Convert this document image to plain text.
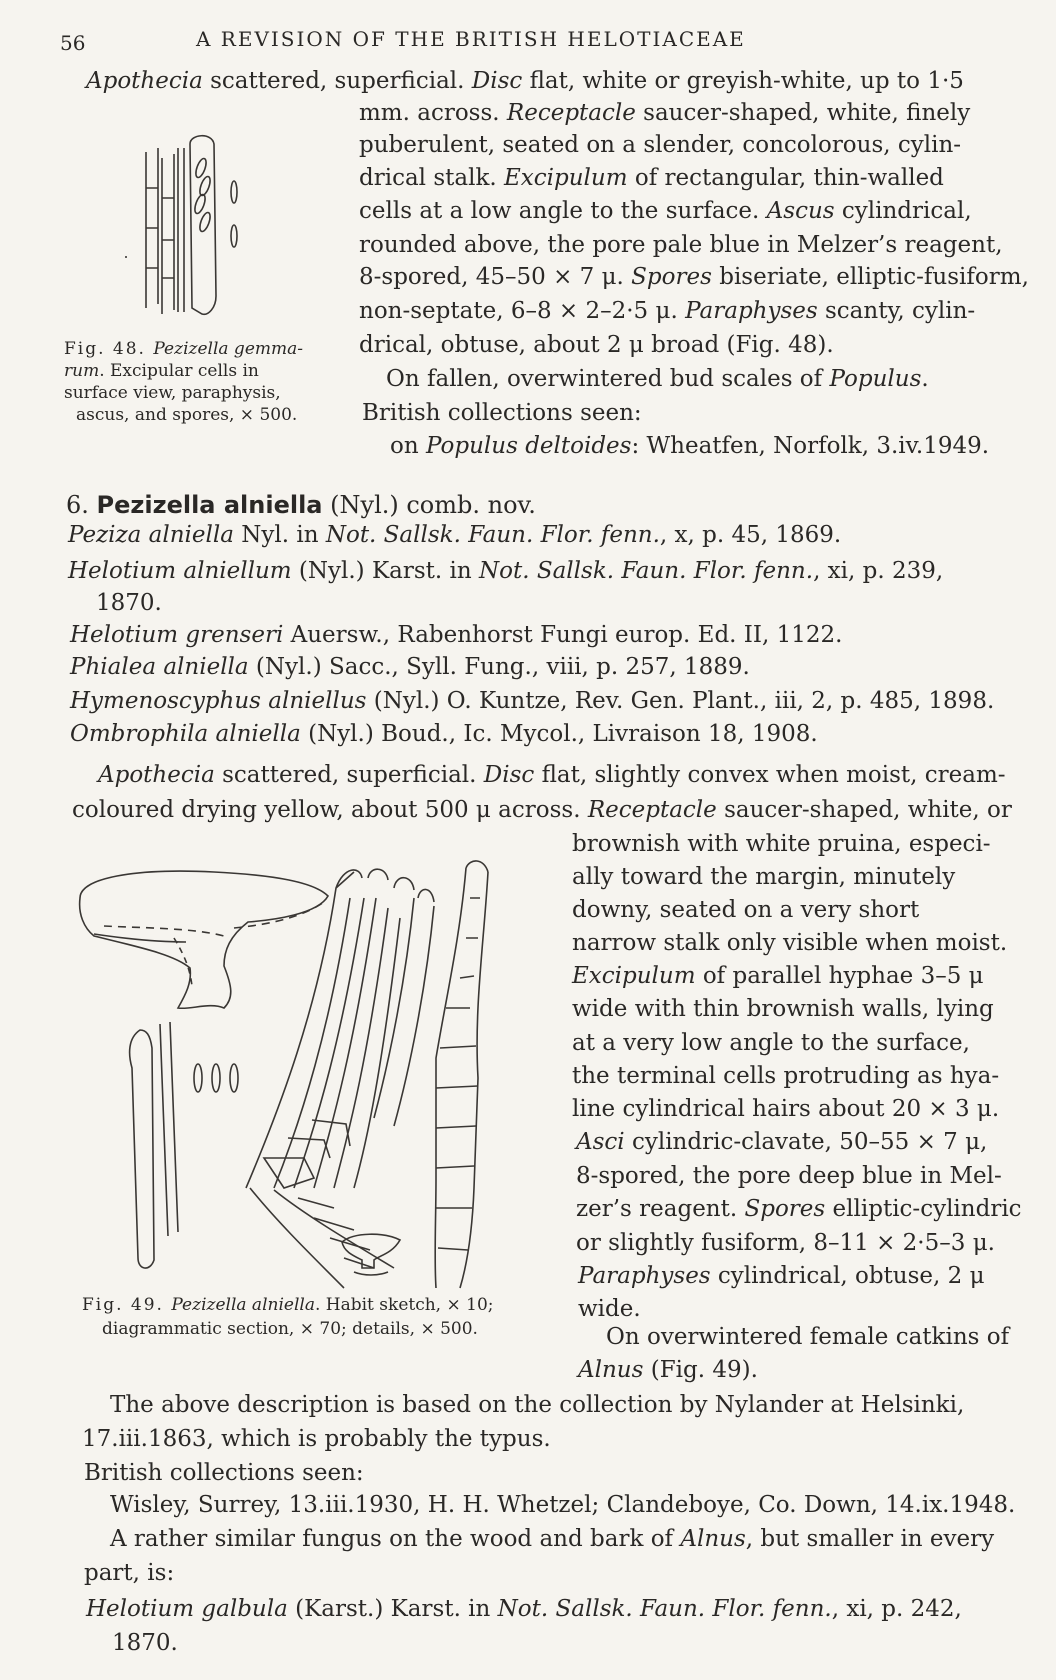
56	A REVISION OF THE BRITISH HELOTIACEAE
Apothecia scattered, superficial. Disc flat, white or greyish-white, up to 1·5
mm. across. Receptacle saucer-shaped, white, finely
puberulent, seated on a slender, concolorous, cylin-
drical stalk. Excipulum of rectangular, thin-walled
cells at a low angle to the surface. Ascus cylindrical,
rounded above, the pore pale blue in Melzer’s reagent,
8-spored, 45–50 × 7 μ. Spores biseriate, elliptic-fusiform,
non-septate, 6–8 × 2–2·5 μ. Paraphyses scanty, cylin-
drical, obtuse, about 2 μ broad (Fig. 48).
On fallen, overwintered bud scales of Populus.
British collections seen:
on Populus deltoides: Wheatfen, Norfolk, 3.iv.1949.
Fig. 48. Pezizella gemma-
rum. Excipular cells in
surface view, paraphysis,
ascus, and spores, × 500.
6. Pezizella alniella (Nyl.) comb. nov.
Peziza alniella Nyl. in Not. Sallsk. Faun. Flor. fenn., x, p. 45, 1869.
Helotium alniellum (Nyl.) Karst. in Not. Sallsk. Faun. Flor. fenn., xi, p. 239,
1870.
Helotium grenseri Auersw., Rabenhorst Fungi europ. Ed. II, 1122.
Phialea alniella (Nyl.) Sacc., Syll. Fung., viii, p. 257, 1889.
Hymenoscyphus alniellus (Nyl.) O. Kuntze, Rev. Gen. Plant., iii, 2, p. 485, 1898.
Ombrophila alniella (Nyl.) Boud., Ic. Mycol., Livraison 18, 1908.
Apothecia scattered, superficial. Disc flat, slightly convex when moist, cream-
coloured drying yellow, about 500 μ across. Receptacle saucer-shaped, white, or
brownish with white pruina, especi-
ally toward the margin, minutely
downy, seated on a very short
narrow stalk only visible when moist.
Excipulum of parallel hyphae 3–5 μ
wide with thin brownish walls, lying
at a very low angle to the surface,
the terminal cells protruding as hya-
line cylindrical hairs about 20 × 3 μ.
Asci cylindric-clavate, 50–55 × 7 μ,
8-spored, the pore deep blue in Mel-
zer’s reagent. Spores elliptic-cylindric
or slightly fusiform, 8–11 × 2·5–3 μ.
Paraphyses cylindrical, obtuse, 2 μ
wide.
On overwintered female catkins of
Alnus (Fig. 49).
Fig. 49. Pezizella alniella. Habit sketch, × 10;
diagrammatic section, × 70; details, × 500.
The above description is based on the collection by Nylander at Helsinki,
17.iii.1863, which is probably the typus.
British collections seen:
Wisley, Surrey, 13.iii.1930, H. H. Whetzel; Clandeboye, Co. Down, 14.ix.1948.
A rather similar fungus on the wood and bark of Alnus, but smaller in every
part, is:
Helotium galbula (Karst.) Karst. in Not. Sallsk. Faun. Flor. fenn., xi, p. 242,
1870.
